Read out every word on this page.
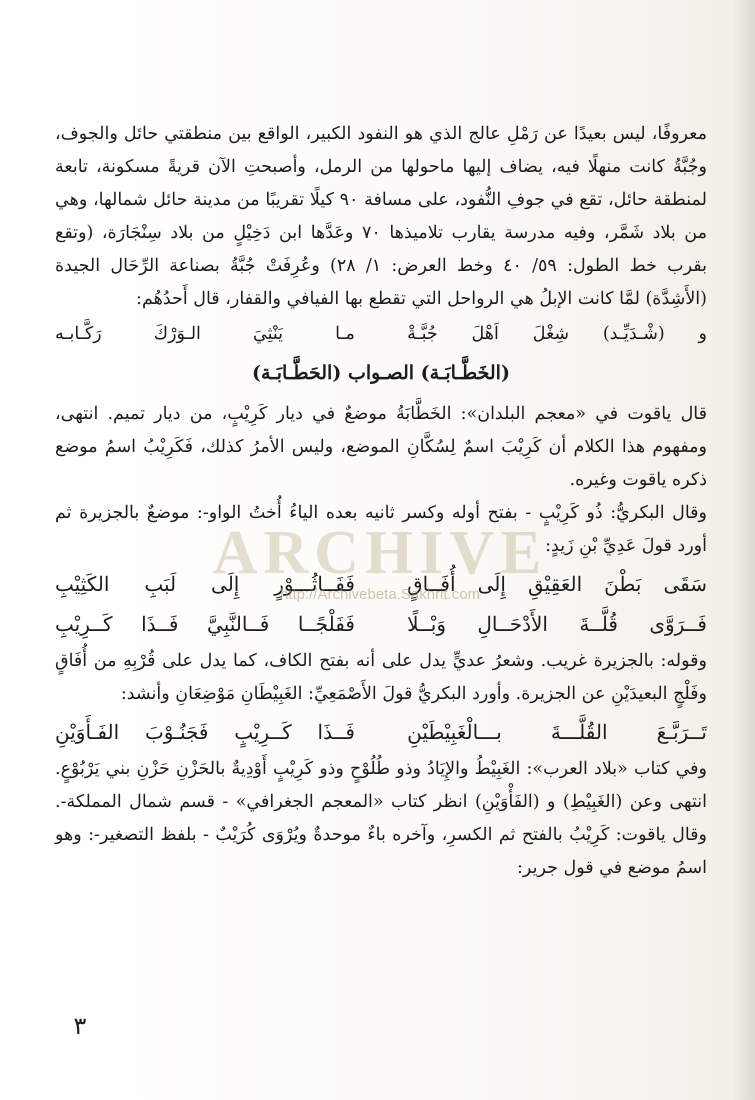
معروفًا، ليس بعيدًا عن رَمْلِ عالج الذي هو النفود الكبير، الواقع بين منطقتي حائل والجوف، وجُبَّةُ كانت منهلًا فيه، يضاف إليها ماحولها من الرمل، وأصبحتِ الآن قريةً مسكونة، تابعة لمنطقة حائل، تقع في جوفِ النُّفود، على مسافة ٩٠ كيلًا تقريبًا من مدينة حائل شمالها، وهي من بلاد شَمَّر، وفيه مدرسة يقارب تلاميذها ٧٠ وعَدَّها ابن دَخِيْلٍ من بلاد سِنْجَارَة، (وتقع بقرب خط الطول: ٥٩/ ٤٠ وخط العرض: ١/ ٢٨) وعُرِفَتْ جُبَّةُ بصناعة الرِّحَال الجيدة (الأَشِدَّة) لمَّا كانت الإبلُ هي الرواحل التي تقطع بها الفيافي والقفار، قال أَحدُهُم:

و (شْـدَيِّـد) شِغْلَ اَهْلَ جُبَّـةْ
مـا يَنْثِيَ الـوَرْكَ رَكَّـابـه
(الخَطَّـابَـة) الصـواب (الحَطَّـابَـة)

قال ياقوت في «معجم البلدان»: الخَطَّابَةُ موضعٌ في ديار كَرِيْبٍ، من ديار تميم. انتهى، ومفهوم هذا الكلام أن كَرِيْبَ اسمٌ لِسُكَّانِ الموضع، وليس الأمرُ كذلك، فَكَرِيْبُ اسمُ موضع ذكره ياقوت وغيره.

وقال البكريُّ: ذُو كَرِيْبٍ - بفتح أوله وكسر ثانيه بعده الياءُ أُختُ الواو-: موضعٌ بالجزيرة ثم أورد قولَ عَدِيِّ بْنِ زَيدٍ:

سَقَى بَطْنَ العَقِيْقِ إِلَى أُفَــاقٍ
فَفَــاثُـــوْرٍ إِلَى لَبَبِ الكَثِيْبِ
فَــرَوَّى قُلَّــةَ الأَدْحَــالِ وَبْــلًا
فَفَلْجًــا فَــالنَّبِيَّ فَــذَا كَــرِيْبِ

وقوله: بالجزيرة غريب. وشعرُ عديٍّ يدل على أنه بفتح الكاف، كما يدل على قُرْبِهِ من أُفَاقٍ وفَلْجٍ البعيدَيْنِ عن الجزيرة. وأورد البكريُّ قولَ الأَصْمَعِيِّ: الغَبِيْطَانِ مَوْضِعَانِ وأنشد:

تَــرَبَّـعَ القُلَّـــةَ بـــالْغَبِيْطَيْنِ
فَــذَا كَــرِيْبٍ فَجَنُـوْبَ الفَـأَوَيْنِ

وفي كتاب «بلاد العرب»: الغَبِيْطُ والإِيَادُ وذو طُلُوْحٍ وذو كَرِيْبٍ أَوْدِيةٌ بالحَزْنِ حَزْنِ بني يَرْبُوْعٍ. انتهى وعن (الغَبِيْطِ) و (الفَأْوَيْنِ) انظر كتاب «المعجم الجغرافي» - قسم شمال المملكة-. وقال ياقوت: كَرِيْبُ بالفتح ثم الكسرِ، وآخره باءٌ موحدةٌ ويُرْوَى كُرَيْبٌ - بلفظ التصغير-: وهو اسمُ موضع في قول جرير:

ARCHIVE
http://Archivebeta.Sakhrit.com
٣
